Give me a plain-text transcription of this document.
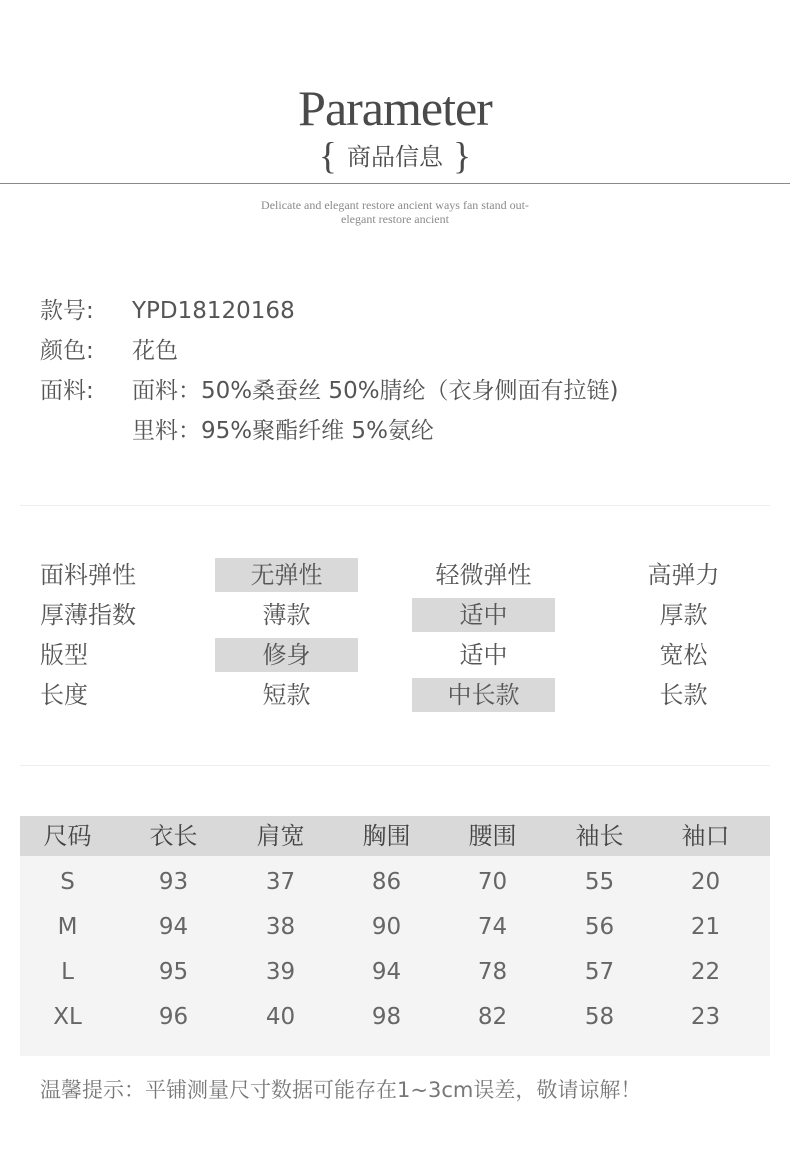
Parameter
{ 商品信息 }
Delicate and elegant restore ancient ways fan stand out-
elegant restore ancient
款号: YPD18120168
颜色: 花色
面料: 面料：50%桑蚕丝 50%腈纶（衣身侧面有拉链)
里料：95%聚酯纤维 5%氨纶
面料弹性	无弹性	轻微弹性	高弹力
厚薄指数	薄款	适中	厚款
版型	修身	适中	宽松
长度	短款	中长款	长款
尺码	衣长	肩宽	胸围	腰围	袖长	袖口
S	93	37	86	70	55	20
M	94	38	90	74	56	21
L	95	39	94	78	57	22
XL	96	40	98	82	58	23
温馨提示：平铺测量尺寸数据可能存在1~3cm误差，敬请谅解！
